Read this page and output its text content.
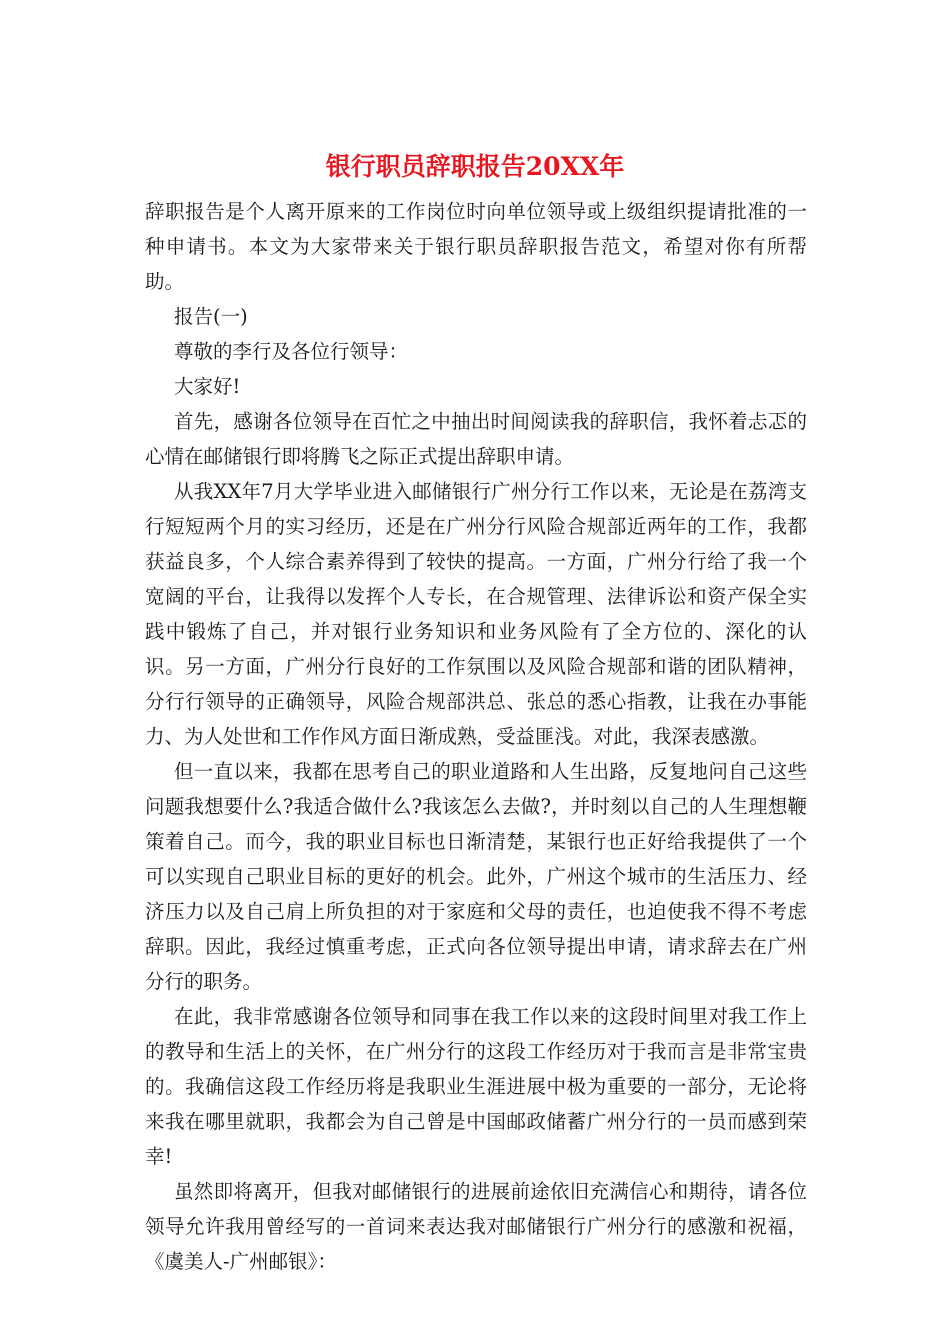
银行职员辞职报告20XX年

辞职报告是个人离开原来的工作岗位时向单位领导或上级组织提请批准的一种申请书。本文为大家带来关于银行职员辞职报告范文，希望对你有所帮助。

报告(一)

尊敬的李行及各位行领导：

大家好!

首先，感谢各位领导在百忙之中抽出时间阅读我的辞职信，我怀着忐忑的心情在邮储银行即将腾飞之际正式提出辞职申请。

从我XX年7月大学毕业进入邮储银行广州分行工作以来，无论是在荔湾支行短短两个月的实习经历，还是在广州分行风险合规部近两年的工作，我都获益良多，个人综合素养得到了较快的提高。一方面，广州分行给了我一个宽阔的平台，让我得以发挥个人专长，在合规管理、法律诉讼和资产保全实践中锻炼了自己，并对银行业务知识和业务风险有了全方位的、深化的认识。另一方面，广州分行良好的工作氛围以及风险合规部和谐的团队精神，分行行领导的正确领导，风险合规部洪总、张总的悉心指教，让我在办事能力、为人处世和工作作风方面日渐成熟，受益匪浅。对此，我深表感激。

但一直以来，我都在思考自己的职业道路和人生出路，反复地问自己这些问题我想要什么?我适合做什么?我该怎么去做?，并时刻以自己的人生理想鞭策着自己。而今，我的职业目标也日渐清楚，某银行也正好给我提供了一个可以实现自己职业目标的更好的机会。此外，广州这个城市的生活压力、经济压力以及自己肩上所负担的对于家庭和父母的责任，也迫使我不得不考虑辞职。因此，我经过慎重考虑，正式向各位领导提出申请，请求辞去在广州分行的职务。

在此，我非常感谢各位领导和同事在我工作以来的这段时间里对我工作上的教导和生活上的关怀，在广州分行的这段工作经历对于我而言是非常宝贵的。我确信这段工作经历将是我职业生涯进展中极为重要的一部分，无论将来我在哪里就职，我都会为自己曾是中国邮政储蓄广州分行的一员而感到荣幸!

虽然即将离开，但我对邮储银行的进展前途依旧充满信心和期待，请各位领导允许我用曾经写的一首词来表达我对邮储银行广州分行的感激和祝福，《虞美人-广州邮银》：
